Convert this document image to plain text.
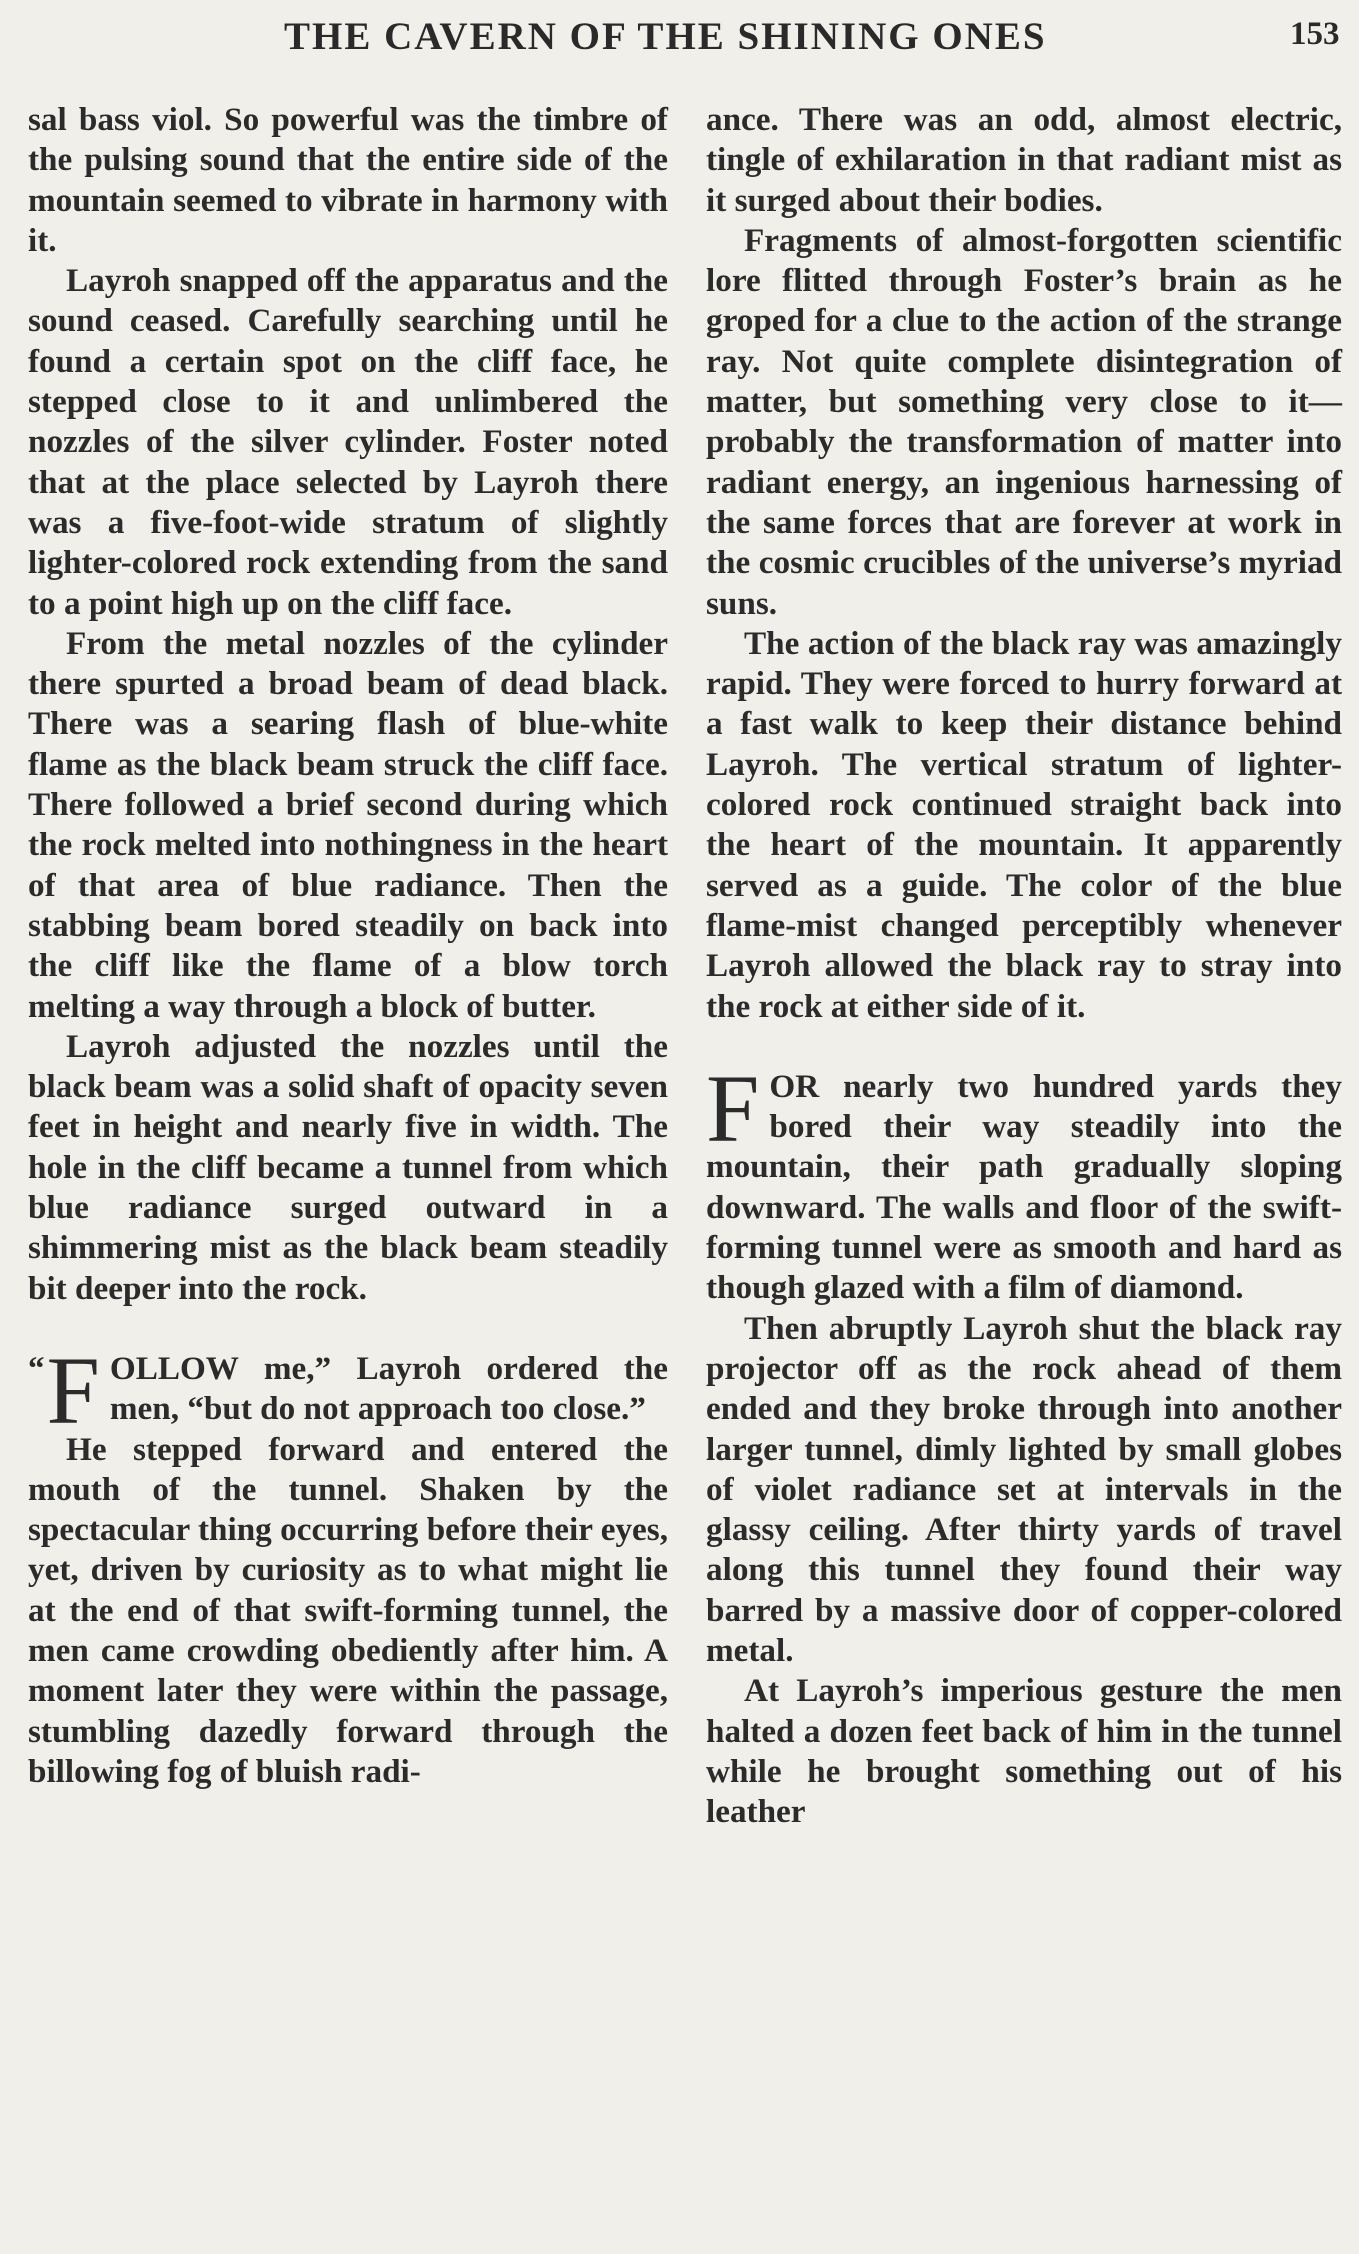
THE CAVERN OF THE SHINING ONES	153

sal bass viol. So powerful was the timbre of the pulsing sound that the entire side of the mountain seemed to vibrate in harmony with it.

Layroh snapped off the apparatus and the sound ceased. Carefully searching until he found a certain spot on the cliff face, he stepped close to it and unlimbered the nozzles of the silver cylinder. Foster noted that at the place selected by Layroh there was a five-foot-wide stratum of slightly lighter-colored rock extending from the sand to a point high up on the cliff face.

From the metal nozzles of the cylinder there spurted a broad beam of dead black. There was a searing flash of blue-white flame as the black beam struck the cliff face. There followed a brief second during which the rock melted into nothingness in the heart of that area of blue radiance. Then the stabbing beam bored steadily on back into the cliff like the flame of a blow torch melting a way through a block of butter.

Layroh adjusted the nozzles until the black beam was a solid shaft of opacity seven feet in height and nearly five in width. The hole in the cliff became a tunnel from which blue radiance surged outward in a shimmering mist as the black beam steadily bit deeper into the rock.

“ F OLLOW me,” Layroh ordered the men, “but do not approach too close.”

He stepped forward and entered the mouth of the tunnel. Shaken by the spectacular thing occurring before their eyes, yet, driven by curiosity as to what might lie at the end of that swift-forming tunnel, the men came crowding obediently after him. A moment later they were within the passage, stumbling dazedly forward through the billowing fog of bluish radi-

ance. There was an odd, almost electric, tingle of exhilaration in that radiant mist as it surged about their bodies.

Fragments of almost-forgotten scientific lore flitted through Foster’s brain as he groped for a clue to the action of the strange ray. Not quite complete disintegration of matter, but something very close to it—probably the transformation of matter into radiant energy, an ingenious harnessing of the same forces that are forever at work in the cosmic crucibles of the universe’s myriad suns.

The action of the black ray was amazingly rapid. They were forced to hurry forward at a fast walk to keep their distance behind Layroh. The vertical stratum of lighter-colored rock continued straight back into the heart of the mountain. It apparently served as a guide. The color of the blue flame-mist changed perceptibly whenever Layroh allowed the black ray to stray into the rock at either side of it.

F OR nearly two hundred yards they bored their way steadily into the mountain, their path gradually sloping downward. The walls and floor of the swift-forming tunnel were as smooth and hard as though glazed with a film of diamond.

Then abruptly Layroh shut the black ray projector off as the rock ahead of them ended and they broke through into another larger tunnel, dimly lighted by small globes of violet radiance set at intervals in the glassy ceiling. After thirty yards of travel along this tunnel they found their way barred by a massive door of copper-colored metal.

At Layroh’s imperious gesture the men halted a dozen feet back of him in the tunnel while he brought something out of his leather
